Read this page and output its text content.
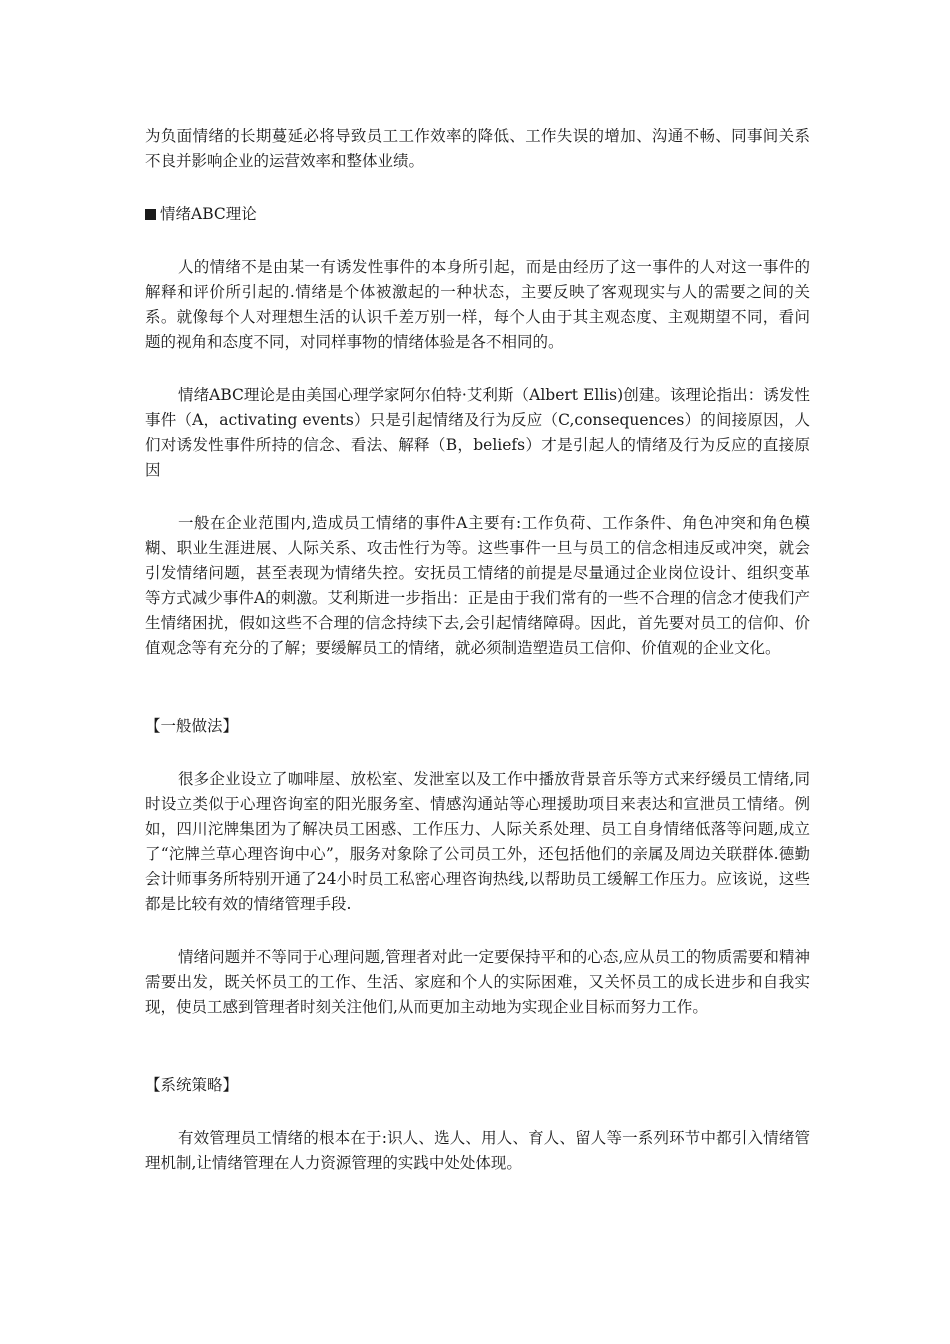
为负面情绪的长期蔓延必将导致员工工作效率的降低、工作失误的增加、沟通不畅、同事间关系不良并影响企业的运营效率和整体业绩。

情绪ABC理论

人的情绪不是由某一有诱发性事件的本身所引起，而是由经历了这一事件的人对这一事件的解释和评价所引起的.情绪是个体被激起的一种状态，主要反映了客观现实与人的需要之间的关系。就像每个人对理想生活的认识千差万别一样，每个人由于其主观态度、主观期望不同，看问题的视角和态度不同，对同样事物的情绪体验是各不相同的。

情绪ABC理论是由美国心理学家阿尔伯特·艾利斯（Albert Ellis)创建。该理论指出：诱发性事件（A，activating events）只是引起情绪及行为反应（C,consequences）的间接原因，人们对诱发性事件所持的信念、看法、解释（B，beliefs）才是引起人的情绪及行为反应的直接原因

一般在企业范围内,造成员工情绪的事件A主要有:工作负荷、工作条件、角色冲突和角色模糊、职业生涯进展、人际关系、攻击性行为等。这些事件一旦与员工的信念相违反或冲突，就会引发情绪问题，甚至表现为情绪失控。安抚员工情绪的前提是尽量通过企业岗位设计、组织变革等方式减少事件A的刺激。艾利斯进一步指出：正是由于我们常有的一些不合理的信念才使我们产生情绪困扰，假如这些不合理的信念持续下去,会引起情绪障碍。因此，首先要对员工的信仰、价值观念等有充分的了解；要缓解员工的情绪，就必须制造塑造员工信仰、价值观的企业文化。

【一般做法】

很多企业设立了咖啡屋、放松室、发泄室以及工作中播放背景音乐等方式来纾缓员工情绪,同时设立类似于心理咨询室的阳光服务室、情感沟通站等心理援助项目来表达和宣泄员工情绪。例如，四川沱牌集团为了解决员工困惑、工作压力、人际关系处理、员工自身情绪低落等问题,成立了“沱牌兰草心理咨询中心”，服务对象除了公司员工外，还包括他们的亲属及周边关联群体.德勤会计师事务所特别开通了24小时员工私密心理咨询热线,以帮助员工缓解工作压力。应该说，这些都是比较有效的情绪管理手段.

情绪问题并不等同于心理问题,管理者对此一定要保持平和的心态,应从员工的物质需要和精神需要出发，既关怀员工的工作、生活、家庭和个人的实际困难，又关怀员工的成长进步和自我实现，使员工感到管理者时刻关注他们,从而更加主动地为实现企业目标而努力工作。

【系统策略】

有效管理员工情绪的根本在于:识人、选人、用人、育人、留人等一系列环节中都引入情绪管理机制,让情绪管理在人力资源管理的实践中处处体现。
